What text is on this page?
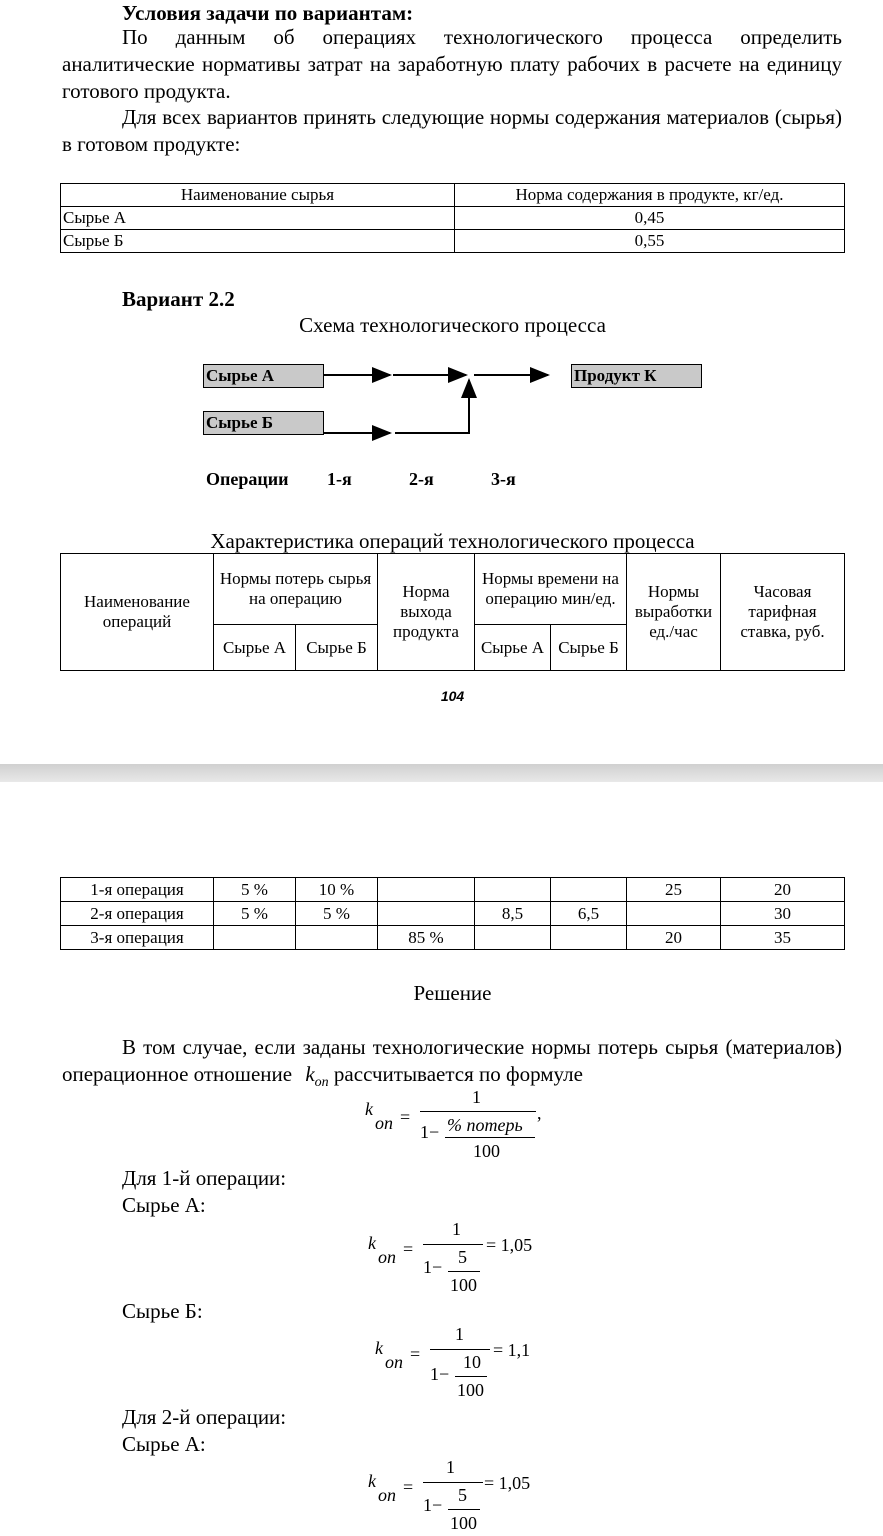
Условия задачи по вариантам:
По данным об операциях технологического процесса определить аналитические нормативы затрат на заработную плату рабочих в расчете на единицу готового продукта.
Для всех вариантов принять следующие нормы содержания материалов (сырья) в готовом продукте:
Наименование сырья	Норма содержания в продукте, кг/ед.
Сырье А	0,45
Сырье Б	0,55
Вариант 2.2
Схема технологического процесса
Сырье А
Сырье Б
Продукт К
Операции 1-я	2-я	3-я
Характеристика операций технологического процесса
Наименование операций	Нормы потерь сырья на операцию		Норма выхода продукта	Нормы времени на операцию мин/ед.		Нормы выработки ед./час	Часовая тарифная ставка, руб.
	Сырье А	Сырье Б		Сырье А	Сырье Б		
104
1-я операция	5 %	10 %				25	20
2-я операция	5 %	5 %		8,5	6,5		30
3-я операция			85 %			20	35
Решение
В том случае, если заданы технологические нормы потерь сырья (материалов) операционное отношение $k_{on}$ рассчитывается по формуле
k
on =
1
1− % потерь
100
,
Для 1-й операции:
Сырье А:
k
on =
1
1− 5
100
= 1,05
Сырье Б:
k
on =
1
1−
10
100
= 1,1
Для 2-й операции:
Сырье А:
k
on =
1
1− 5
100
= 1,05
